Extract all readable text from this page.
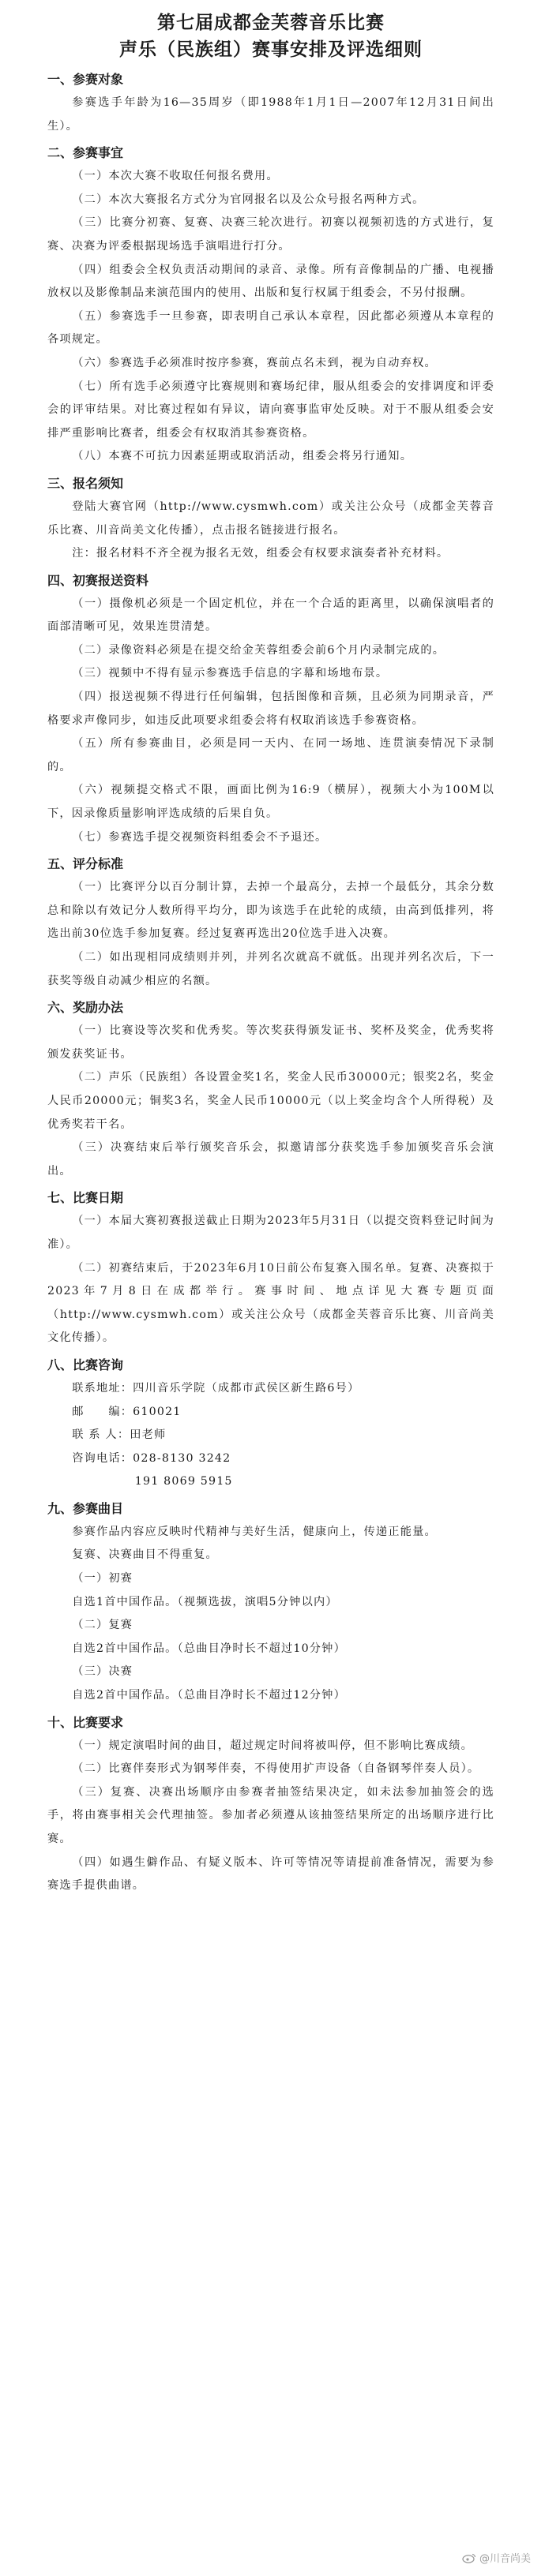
第七届成都金芙蓉音乐比赛
声乐（民族组）赛事安排及评选细则
一、参赛对象

参赛选手年龄为16—35周岁（即1988年1月1日—2007年12月31日间出生）。

二、参赛事宜

（一）本次大赛不收取任何报名费用。

（二）本次大赛报名方式分为官网报名以及公众号报名两种方式。

（三）比赛分初赛、复赛、决赛三轮次进行。初赛以视频初选的方式进行，复赛、决赛为评委根据现场选手演唱进行打分。

（四）组委会全权负责活动期间的录音、录像。所有音像制品的广播、电视播放权以及影像制品来演范围内的使用、出版和复行权属于组委会，不另付报酬。

（五）参赛选手一旦参赛，即表明自己承认本章程，因此都必须遵从本章程的各项规定。

（六）参赛选手必须准时按序参赛，赛前点名未到，视为自动弃权。

（七）所有选手必须遵守比赛规则和赛场纪律，服从组委会的安排调度和评委会的评审结果。对比赛过程如有异议，请向赛事监审处反映。对于不服从组委会安排严重影响比赛者，组委会有权取消其参赛资格。

（八）本赛不可抗力因素延期或取消活动，组委会将另行通知。

三、报名须知

登陆大赛官网（http://www.cysmwh.com）或关注公众号（成都金芙蓉音乐比赛、川音尚美文化传播），点击报名链接进行报名。

注：报名材料不齐全视为报名无效，组委会有权要求演奏者补充材料。

四、初赛报送资料

（一）摄像机必须是一个固定机位，并在一个合适的距离里，以确保演唱者的面部清晰可见，效果连贯清楚。

（二）录像资料必须是在提交给金芙蓉组委会前6个月内录制完成的。

（三）视频中不得有显示参赛选手信息的字幕和场地布景。

（四）报送视频不得进行任何编辑，包括图像和音频，且必须为同期录音，严格要求声像同步，如违反此项要求组委会将有权取消该选手参赛资格。

（五）所有参赛曲目，必须是同一天内、在同一场地、连贯演奏情况下录制的。

（六）视频提交格式不限，画面比例为16:9（横屏），视频大小为100M以下，因录像质量影响评选成绩的后果自负。

（七）参赛选手提交视频资料组委会不予退还。

五、评分标准

（一）比赛评分以百分制计算，去掉一个最高分，去掉一个最低分，其余分数总和除以有效记分人数所得平均分，即为该选手在此轮的成绩，由高到低排列，将选出前30位选手参加复赛。经过复赛再选出20位选手进入决赛。

（二）如出现相同成绩则并列，并列名次就高不就低。出现并列名次后，下一获奖等级自动减少相应的名额。

六、奖励办法

（一）比赛设等次奖和优秀奖。等次奖获得颁发证书、奖杯及奖金，优秀奖将颁发获奖证书。

（二）声乐（民族组）各设置金奖1名，奖金人民币30000元；银奖2名，奖金人民币20000元；铜奖3名，奖金人民币10000元（以上奖金均含个人所得税）及优秀奖若干名。

（三）决赛结束后举行颁奖音乐会，拟邀请部分获奖选手参加颁奖音乐会演出。

七、比赛日期

（一）本届大赛初赛报送截止日期为2023年5月31日（以提交资料登记时间为准）。

（二）初赛结束后，于2023年6月10日前公布复赛入围名单。复赛、决赛拟于2023年7月8日在成都举行。赛事时间、地点详见大赛专题页面（http://www.cysmwh.com）或关注公众号（成都金芙蓉音乐比赛、川音尚美文化传播）。

八、比赛咨询
联系地址：四川音乐学院（成都市武侯区新生路6号）
邮　　编：610021
联 系 人：田老师
咨询电话：028-8130 3242
191 8069 5915
九、参赛曲目

参赛作品内容应反映时代精神与美好生活，健康向上，传递正能量。

复赛、决赛曲目不得重复。

（一）初赛

自选1首中国作品。（视频选拔，演唱5分钟以内）

（二）复赛

自选2首中国作品。（总曲目净时长不超过10分钟）

（三）决赛

自选2首中国作品。（总曲目净时长不超过12分钟）

十、比赛要求

（一）规定演唱时间的曲目，超过规定时间将被叫停，但不影响比赛成绩。

（二）比赛伴奏形式为钢琴伴奏，不得使用扩声设备（自备钢琴伴奏人员）。

（三）复赛、决赛出场顺序由参赛者抽签结果决定，如未法参加抽签会的选手，将由赛事相关会代理抽签。参加者必须遵从该抽签结果所定的出场顺序进行比赛。

（四）如遇生僻作品、有疑义版本、许可等情况等请提前准备情况，需要为参赛选手提供曲谱。

@川音尚美
